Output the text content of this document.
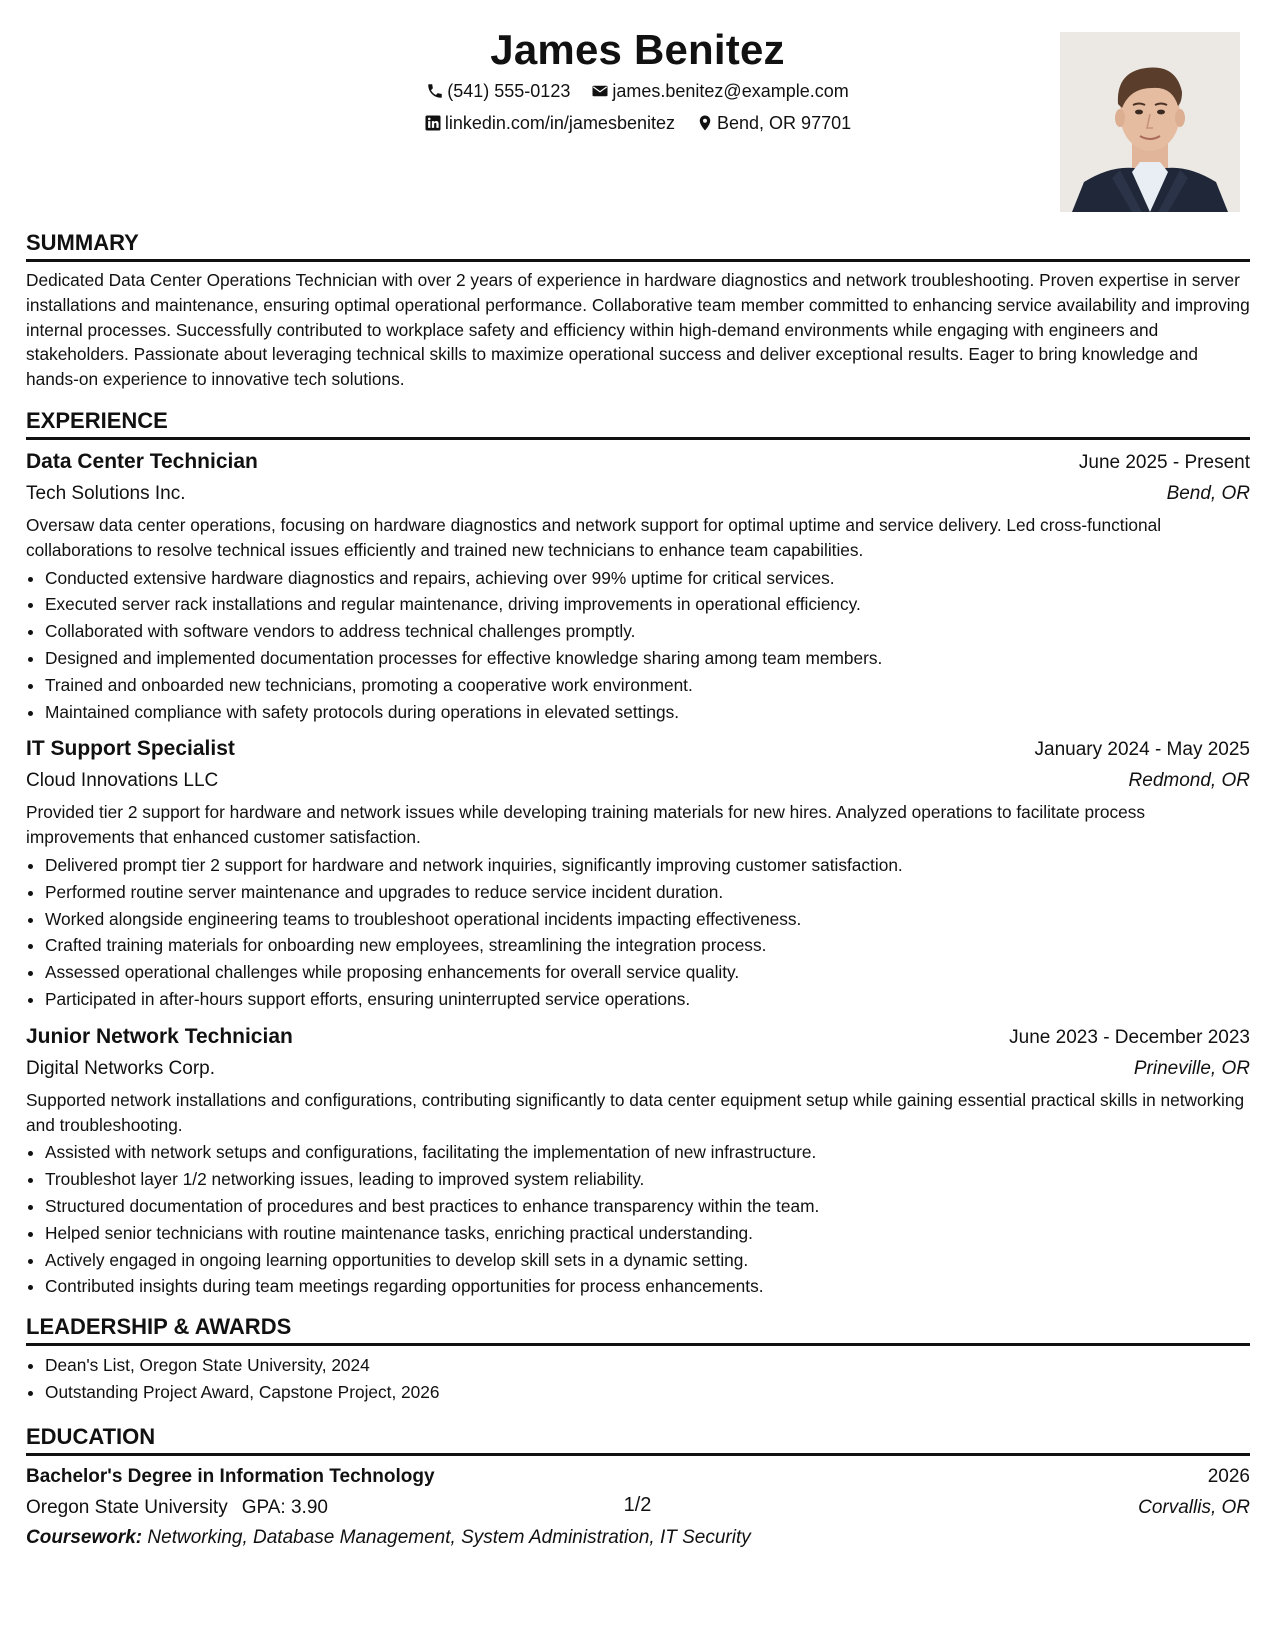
James Benitez
(541) 555-0123 james.benitez@example.com
linkedin.com/in/jamesbenitez Bend, OR 97701
SUMMARY

Dedicated Data Center Operations Technician with over 2 years of experience in hardware diagnostics and network troubleshooting. Proven expertise in server installations and maintenance, ensuring optimal operational performance. Collaborative team member committed to enhancing service availability and improving internal processes. Successfully contributed to workplace safety and efficiency within high-demand environments while engaging with engineers and stakeholders. Passionate about leveraging technical skills to maximize operational success and deliver exceptional results. Eager to bring knowledge and hands-on experience to innovative tech solutions.

EXPERIENCE
Data Center Technician	June 2025 - Present
Tech Solutions Inc.	Bend, OR
Oversaw data center operations, focusing on hardware diagnostics and network support for optimal uptime and service delivery. Led cross-functional collaborations to resolve technical issues efficiently and trained new technicians to enhance team capabilities.
• Conducted extensive hardware diagnostics and repairs, achieving over 99% uptime for critical services.
• Executed server rack installations and regular maintenance, driving improvements in operational efficiency.
• Collaborated with software vendors to address technical challenges promptly.
• Designed and implemented documentation processes for effective knowledge sharing among team members.
• Trained and onboarded new technicians, promoting a cooperative work environment.
• Maintained compliance with safety protocols during operations in elevated settings.
IT Support Specialist	January 2024 - May 2025
Cloud Innovations LLC	Redmond, OR
Provided tier 2 support for hardware and network issues while developing training materials for new hires. Analyzed operations to facilitate process improvements that enhanced customer satisfaction.
• Delivered prompt tier 2 support for hardware and network inquiries, significantly improving customer satisfaction.
• Performed routine server maintenance and upgrades to reduce service incident duration.
• Worked alongside engineering teams to troubleshoot operational incidents impacting effectiveness.
• Crafted training materials for onboarding new employees, streamlining the integration process.
• Assessed operational challenges while proposing enhancements for overall service quality.
• Participated in after-hours support efforts, ensuring uninterrupted service operations.
Junior Network Technician	June 2023 - December 2023
Digital Networks Corp.	Prineville, OR
Supported network installations and configurations, contributing significantly to data center equipment setup while gaining essential practical skills in networking and troubleshooting.
• Assisted with network setups and configurations, facilitating the implementation of new infrastructure.
• Troubleshot layer 1/2 networking issues, leading to improved system reliability.
• Structured documentation of procedures and best practices to enhance transparency within the team.
• Helped senior technicians with routine maintenance tasks, enriching practical understanding.
• Actively engaged in ongoing learning opportunities to develop skill sets in a dynamic setting.
• Contributed insights during team meetings regarding opportunities for process enhancements.
LEADERSHIP & AWARDS
• Dean's List, Oregon State University, 2024
• Outstanding Project Award, Capstone Project, 2026
EDUCATION
Bachelor's Degree in Information Technology	2026
Oregon State University GPA: 3.90	Corvallis, OR
Coursework: Networking, Database Management, System Administration, IT Security
1/2
